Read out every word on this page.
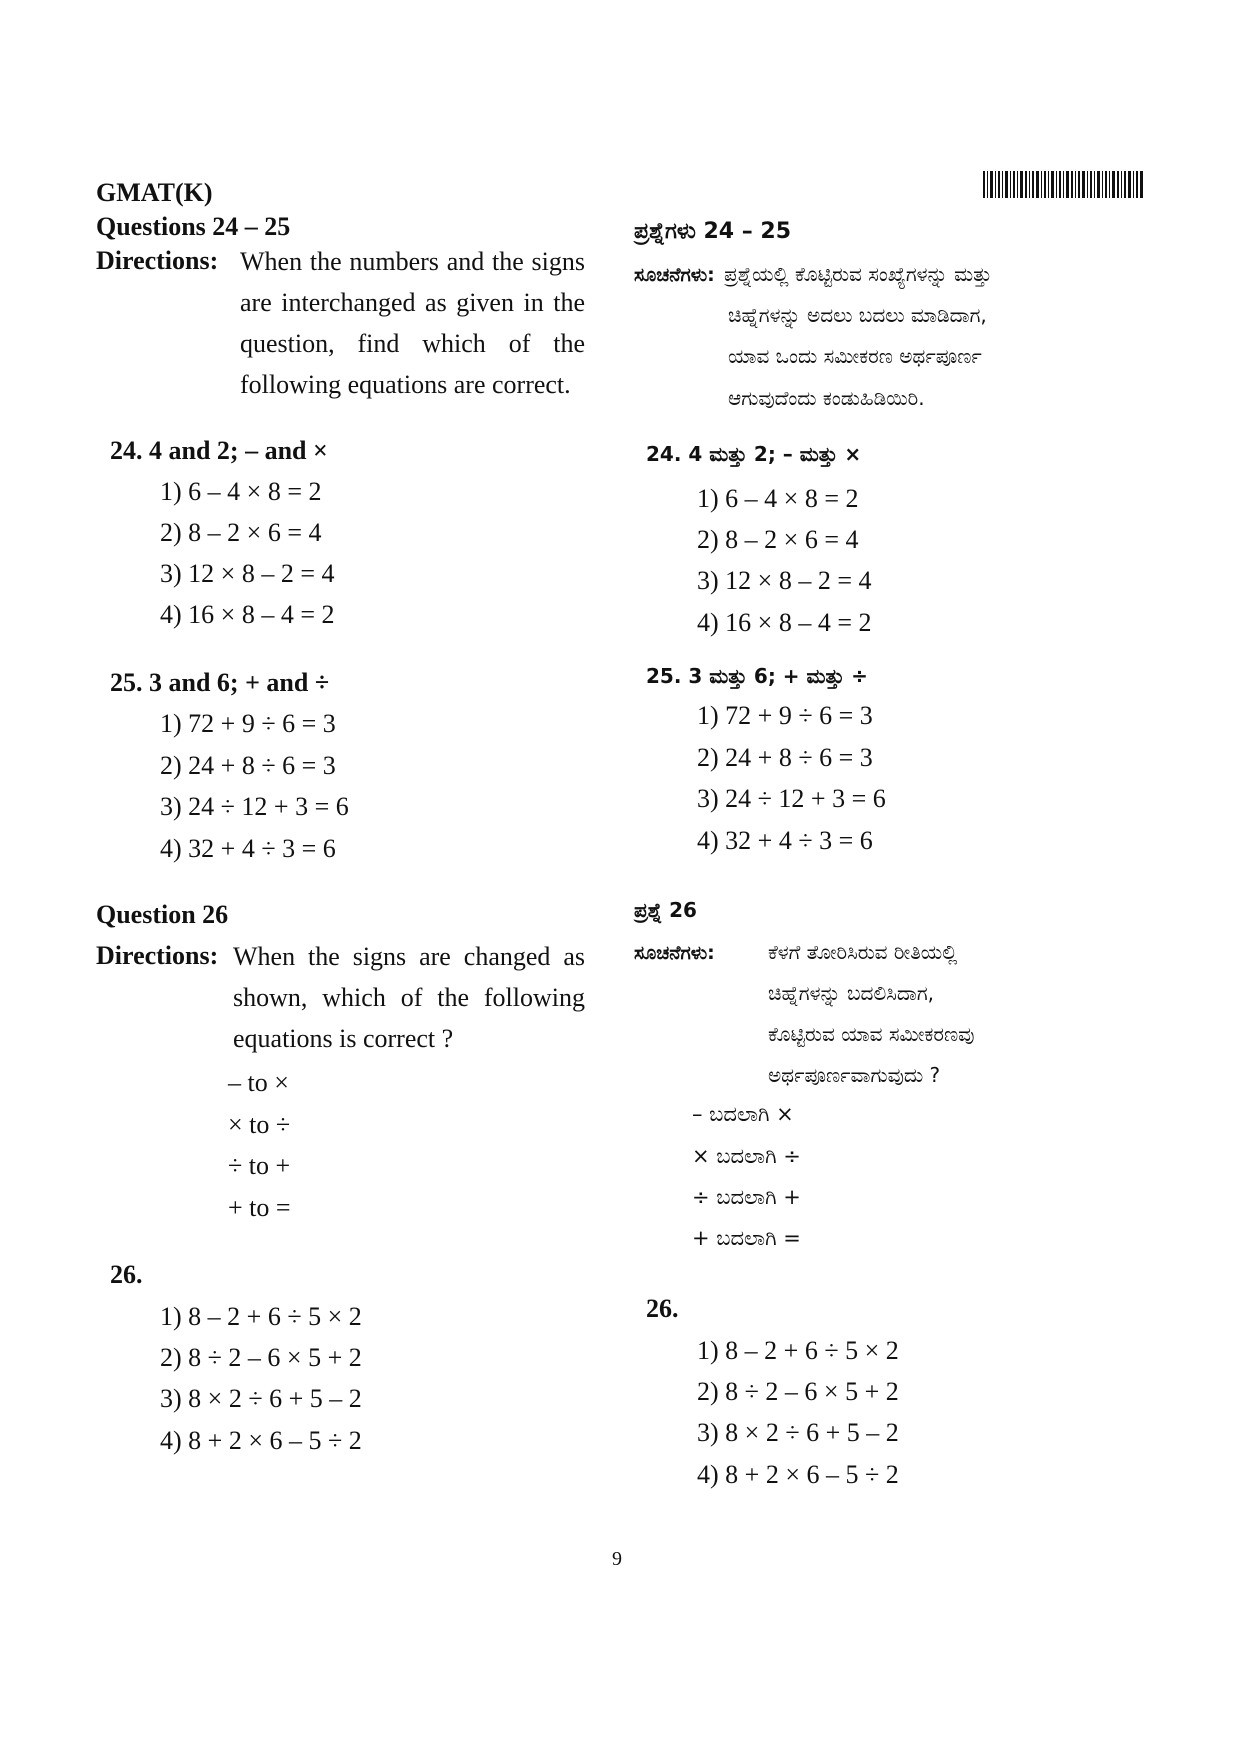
GMAT(K)
Questions 24 – 25
Directions: When the numbers and the signs are interchanged as given in the question, find which of the following equations are correct.
24. 4 and 2; – and ×
1) 6 – 4 × 8 = 2
2) 8 – 2 × 6 = 4
3) 12 × 8 – 2 = 4
4) 16 × 8 – 4 = 2
25. 3 and 6; + and ÷
1) 72 + 9 ÷ 6 = 3
2) 24 + 8 ÷ 6 = 3
3) 24 ÷ 12 + 3 = 6
4) 32 + 4 ÷ 3 = 6
Question 26
Directions: When the signs are changed as shown, which of the following equations is correct ?
– to ×
× to ÷
÷ to +
+ to =
26.
1) 8 – 2 + 6 ÷ 5 × 2
2) 8 ÷ 2 – 6 × 5 + 2
3) 8 × 2 ÷ 6 + 5 – 2
4) 8 + 2 × 6 – 5 ÷ 2
ಪ್ರಶ್ನೆಗಳು 24 – 25
ಸೂಚನೆಗಳು: ಪ್ರಶ್ನೆಯಲ್ಲಿ ಕೊಟ್ಟಿರುವ ಸಂಖ್ಯೆಗಳನ್ನು ಮತ್ತು
ಚಿಹ್ನೆಗಳನ್ನು ಅದಲು ಬದಲು ಮಾಡಿದಾಗ,
ಯಾವ ಒಂದು ಸಮೀಕರಣ ಅರ್ಥಪೂರ್ಣ
ಆಗುವುದೆಂದು ಕಂಡುಹಿಡಿಯಿರಿ.
24. 4 ಮತ್ತು 2; – ಮತ್ತು ×
1) 6 – 4 × 8 = 2
2) 8 – 2 × 6 = 4
3) 12 × 8 – 2 = 4
4) 16 × 8 – 4 = 2
25. 3 ಮತ್ತು 6; + ಮತ್ತು ÷
1) 72 + 9 ÷ 6 = 3
2) 24 + 8 ÷ 6 = 3
3) 24 ÷ 12 + 3 = 6
4) 32 + 4 ÷ 3 = 6
ಪ್ರಶ್ನೆ 26
ಸೂಚನೆಗಳು:	ಕೆಳಗೆ ತೋರಿಸಿರುವ ರೀತಿಯಲ್ಲಿ
ಚಿಹ್ನೆಗಳನ್ನು ಬದಲಿಸಿದಾಗ,
ಕೊಟ್ಟಿರುವ ಯಾವ ಸಮೀಕರಣವು
ಅರ್ಥಪೂರ್ಣವಾಗುವುದು ?
– ಬದಲಾಗಿ ×
× ಬದಲಾಗಿ ÷
÷ ಬದಲಾಗಿ +
+ ಬದಲಾಗಿ =
26.
1) 8 – 2 + 6 ÷ 5 × 2
2) 8 ÷ 2 – 6 × 5 + 2
3) 8 × 2 ÷ 6 + 5 – 2
4) 8 + 2 × 6 – 5 ÷ 2
9
